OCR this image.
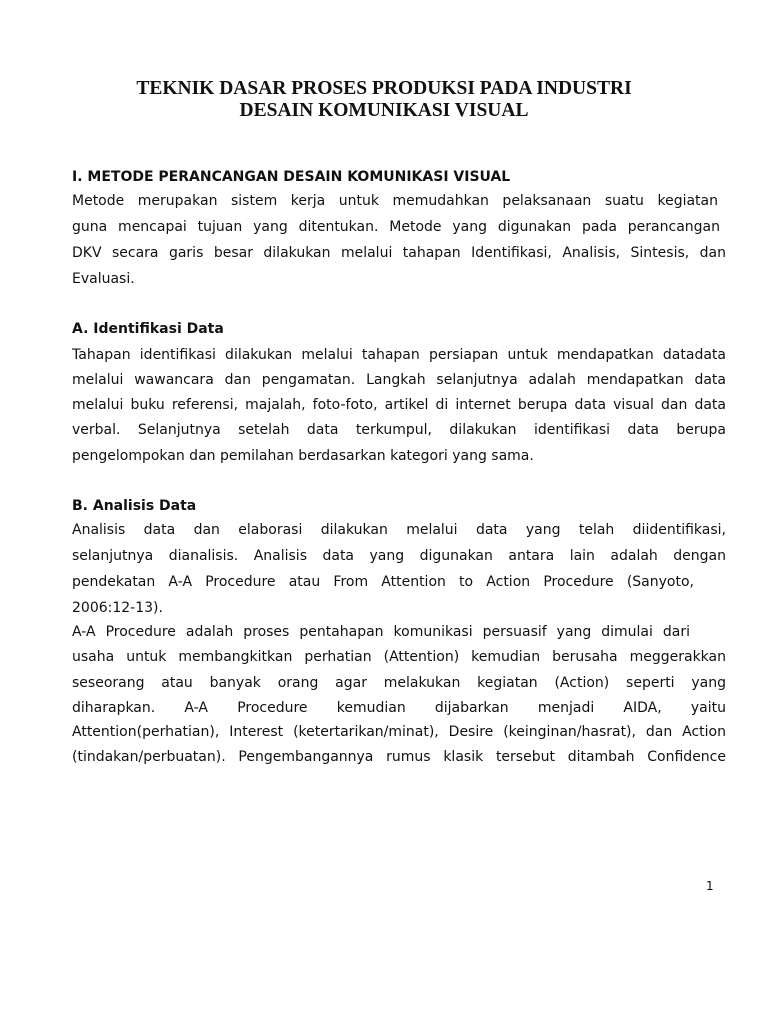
TEKNIK DASAR PROSES PRODUKSI PADA INDUSTRI
DESAIN KOMUNIKASI VISUAL
I. METODE PERANCANGAN DESAIN KOMUNIKASI VISUAL
Metode merupakan sistem kerja untuk memudahkan pelaksanaan suatu kegiatan
guna mencapai tujuan yang ditentukan. Metode yang digunakan pada perancangan
DKV secara garis besar dilakukan melalui tahapan Identifikasi, Analisis, Sintesis, dan
Evaluasi.
A. Identifikasi Data
Tahapan identifikasi dilakukan melalui tahapan persiapan untuk mendapatkan datadata
melalui wawancara dan pengamatan. Langkah selanjutnya adalah mendapatkan data
melalui buku referensi, majalah, foto-foto, artikel di internet berupa data visual dan data
verbal. Selanjutnya setelah data terkumpul, dilakukan identifikasi data berupa
pengelompokan dan pemilahan berdasarkan kategori yang sama.
B. Analisis Data
Analisis data dan elaborasi dilakukan melalui data yang telah diidentifikasi,
selanjutnya dianalisis. Analisis data yang digunakan antara lain adalah dengan
pendekatan A-A Procedure atau From Attention to Action Procedure (Sanyoto,
2006:12-13).
A-A Procedure adalah proses pentahapan komunikasi persuasif yang dimulai dari
usaha untuk membangkitkan perhatian (Attention) kemudian berusaha meggerakkan
seseorang atau banyak orang agar melakukan kegiatan (Action) seperti yang
diharapkan. A-A Procedure kemudian dijabarkan menjadi AIDA, yaitu
Attention(perhatian), Interest (ketertarikan/minat), Desire (keinginan/hasrat), dan Action
(tindakan/perbuatan). Pengembangannya rumus klasik tersebut ditambah Confidence
1
